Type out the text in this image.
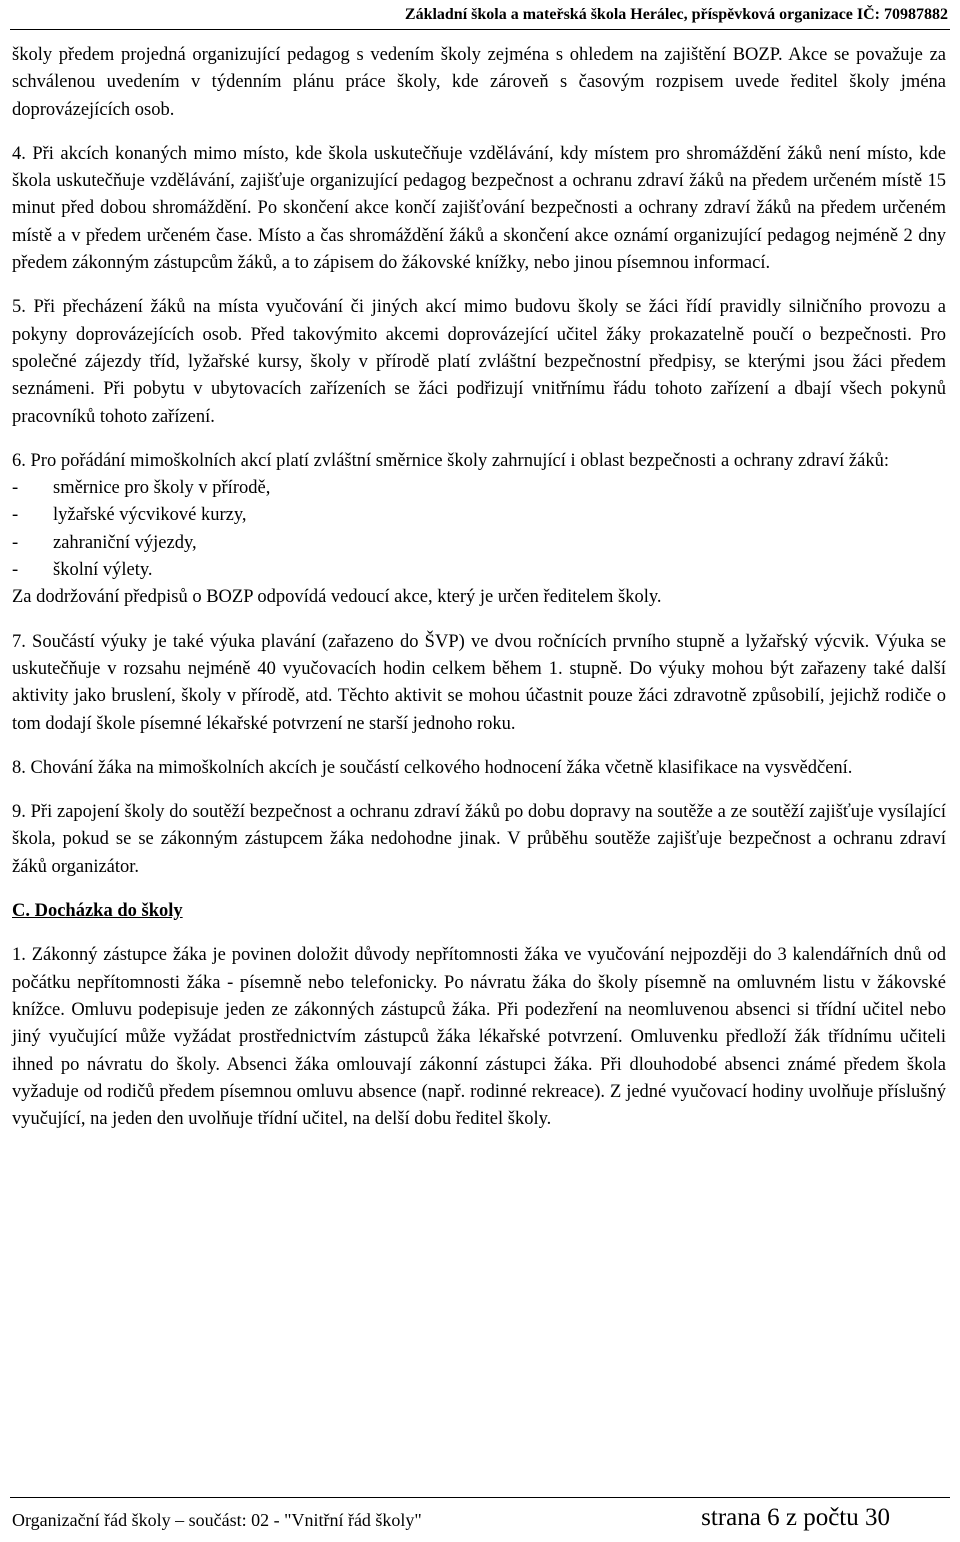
Základní škola a mateřská škola Herálec, příspěvková organizace IČ: 70987882

školy předem projedná organizující pedagog s vedením školy zejména s ohledem na zajištění BOZP. Akce se považuje za schválenou uvedením v týdenním plánu práce školy, kde zároveň s časovým rozpisem uvede ředitel školy jména doprovázejících osob.

4. Při akcích konaných mimo místo, kde škola uskutečňuje vzdělávání, kdy místem pro shromáždění žáků není místo, kde škola uskutečňuje vzdělávání, zajišťuje organizující pedagog bezpečnost a ochranu zdraví žáků na předem určeném místě 15 minut před dobou shromáždění. Po skončení akce končí zajišťování bezpečnosti a ochrany zdraví žáků na předem určeném místě a v předem určeném čase. Místo a čas shromáždění žáků a skončení akce oznámí organizující pedagog nejméně 2 dny předem zákonným zástupcům žáků, a to zápisem do žákovské knížky, nebo jinou písemnou informací.

5. Při přecházení žáků na místa vyučování či jiných akcí mimo budovu školy se žáci řídí pravidly silničního provozu a pokyny doprovázejících osob. Před takovýmito akcemi doprovázející učitel žáky prokazatelně poučí o bezpečnosti. Pro společné zájezdy tříd, lyžařské kursy, školy v přírodě platí zvláštní bezpečnostní předpisy, se kterými jsou žáci předem seznámeni. Při pobytu v ubytovacích zařízeních se žáci podřizují vnitřnímu řádu tohoto zařízení a dbají všech pokynů pracovníků tohoto zařízení.

6. Pro pořádání mimoškolních akcí platí zvláštní směrnice školy zahrnující i oblast bezpečnosti a ochrany zdraví žáků:

-	směrnice pro školy v přírodě,
-	lyžařské výcvikové kurzy,
-	zahraniční výjezdy,
-	školní výlety.

Za dodržování předpisů o BOZP odpovídá vedoucí akce, který je určen ředitelem školy.

7. Součástí výuky je také výuka plavání (zařazeno do ŠVP) ve dvou ročnících prvního stupně a lyžařský výcvik. Výuka se uskutečňuje v rozsahu nejméně 40 vyučovacích hodin celkem během 1. stupně. Do výuky mohou být zařazeny také další aktivity jako bruslení, školy v přírodě, atd. Těchto aktivit se mohou účastnit pouze žáci zdravotně způsobilí, jejichž rodiče o tom dodají škole písemné lékařské potvrzení ne starší jednoho roku.

8. Chování žáka na mimoškolních akcích je součástí celkového hodnocení žáka včetně klasifikace na vysvědčení.

9. Při zapojení školy do soutěží bezpečnost a ochranu zdraví žáků po dobu dopravy na soutěže a ze soutěží zajišťuje vysílající škola, pokud se se zákonným zástupcem žáka nedohodne jinak. V průběhu soutěže zajišťuje bezpečnost a ochranu zdraví žáků organizátor.

C. Docházka do školy

1. Zákonný zástupce žáka je povinen doložit důvody nepřítomnosti žáka ve vyučování nejpozději do 3 kalendářních dnů od počátku nepřítomnosti žáka - písemně nebo telefonicky. Po návratu žáka do školy písemně na omluvném listu v žákovské knížce. Omluvu podepisuje jeden ze zákonných zástupců žáka. Při podezření na neomluvenou absenci si třídní učitel nebo jiný vyučující může vyžádat prostřednictvím zástupců žáka lékařské potvrzení. Omluvenku předloží žák třídnímu učiteli ihned po návratu do školy. Absenci žáka omlouvají zákonní zástupci žáka. Při dlouhodobé absenci známé předem škola vyžaduje od rodičů předem písemnou omluvu absence (např. rodinné rekreace). Z jedné vyučovací hodiny uvolňuje příslušný vyučující, na jeden den uvolňuje třídní učitel, na delší dobu ředitel školy.

Organizační řád školy – součást: 02 - "Vnitřní řád školy"	strana 6 z počtu 30
